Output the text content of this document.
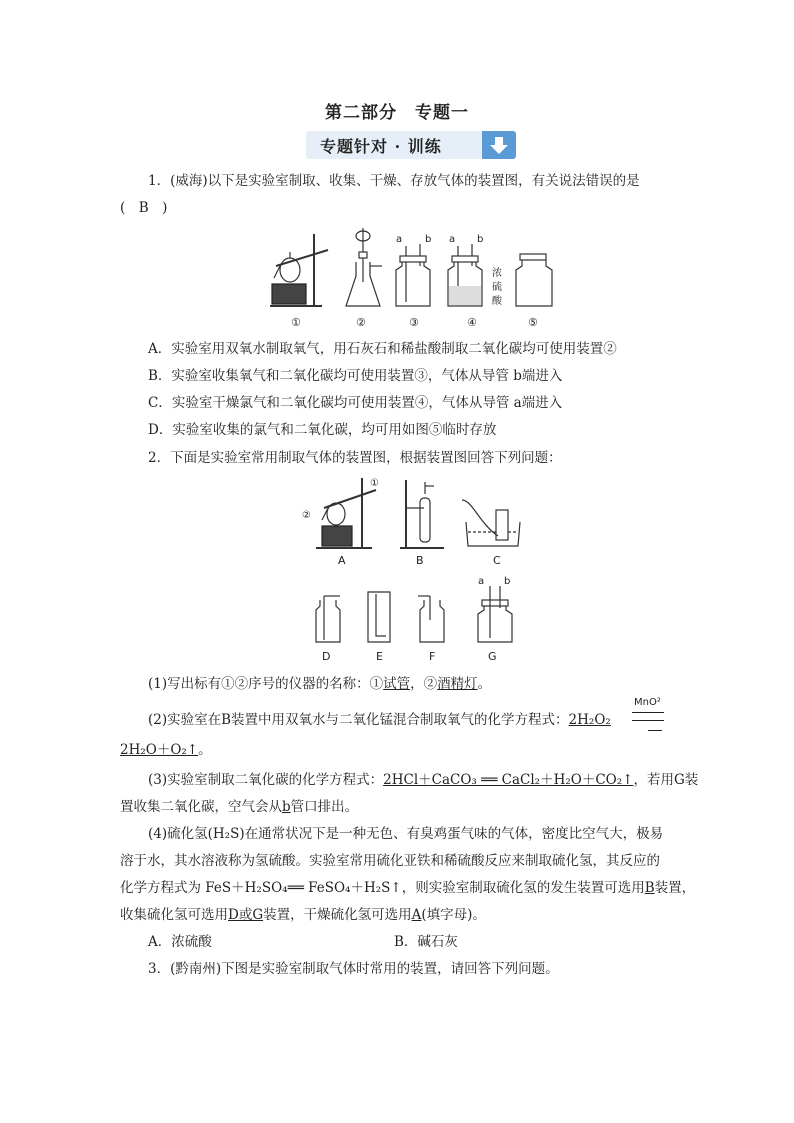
第二部分　专题一
专题针对 · 训练
1．(威海)以下是实验室制取、收集、干燥、存放气体的装置图，有关说法错误的是
(　B　)
a b a b
浓
硫
酸
①	②	③	④	⑤
A．实验室用双氧水制取氧气，用石灰石和稀盐酸制取二氧化碳均可使用装置②
B．实验室收集氧气和二氧化碳均可使用装置③，气体从导管 b端进入
C．实验室干燥氯气和二氧化碳均可使用装置④，气体从导管 a端进入
D．实验室收集的氯气和二氧化碳，均可用如图⑤临时存放
2．下面是实验室常用制取气体的装置图，根据装置图回答下列问题：
①
②
A	B	C
a b
D	E	F	G
(1)写出标有①②序号的仪器的名称：①试管，②酒精灯。
(2)实验室在B装置中用双氧水与二氧化锰混合制取氧气的化学方程式：2H₂O₂
MnO²
2H₂O＋O₂↑。
(3)实验室制取二氧化碳的化学方程式：2HCl＋CaCO₃ ══ CaCl₂＋H₂O＋CO₂↑，若用G装
置收集二氧化碳，空气会从b管口排出。
(4)硫化氢(H₂S)在通常状况下是一种无色、有臭鸡蛋气味的气体，密度比空气大，极易
溶于水，其水溶液称为氢硫酸。实验室常用硫化亚铁和稀硫酸反应来制取硫化氢，其反应的
化学方程式为 FeS＋H₂SO₄══ FeSO₄＋H₂S↑，则实验室制取硫化氢的发生装置可选用B装置，
收集硫化氢可选用D或G装置，干燥硫化氢可选用A(填字母)。
A．浓硫酸	B．碱石灰
3．(黔南州)下图是实验室制取气体时常用的装置，请回答下列问题。
